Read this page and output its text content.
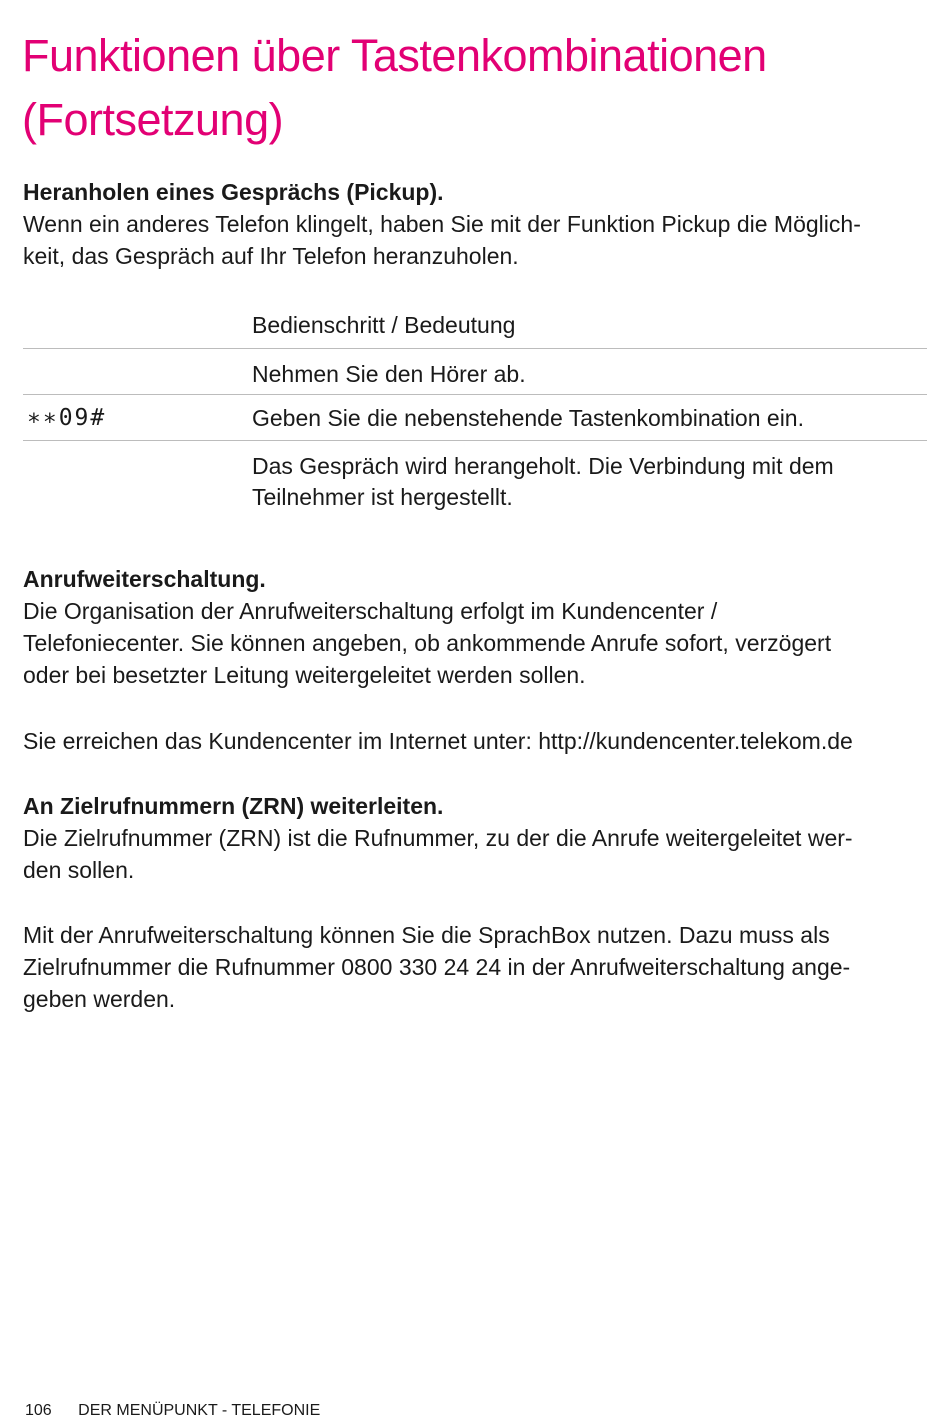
Funktionen über Tastenkombinationen
(Fortsetzung)
Heranholen eines Gesprächs (Pickup).

Wenn ein anderes Telefon klingelt, haben Sie mit der Funktion Pickup die Möglich-
keit, das Gespräch auf Ihr Telefon heranzuholen.

Bedienschritt / Bedeutung
Nehmen Sie den Hörer ab.
∗∗09#	Geben Sie die nebenstehende Tastenkombination ein.
Das Gespräch wird herangeholt. Die Verbindung mit dem
Teilnehmer ist hergestellt.
Anrufweiterschaltung.

Die Organisation der Anrufweiterschaltung erfolgt im Kundencenter /
Telefoniecenter. Sie können angeben, ob ankommende Anrufe sofort, verzögert
oder bei besetzter Leitung weitergeleitet werden sollen.

Sie erreichen das Kundencenter im Internet unter: http://kundencenter.telekom.de

An Zielrufnummern (ZRN) weiterleiten.

Die Zielrufnummer (ZRN) ist die Rufnummer, zu der die Anrufe weitergeleitet wer-
den sollen.

Mit der Anrufweiterschaltung können Sie die SprachBox nutzen. Dazu muss als
Zielrufnummer die Rufnummer 0800 330 24 24 in der Anrufweiterschaltung ange-
geben werden.

106 DER MENÜPUNKT - TELEFONIE
